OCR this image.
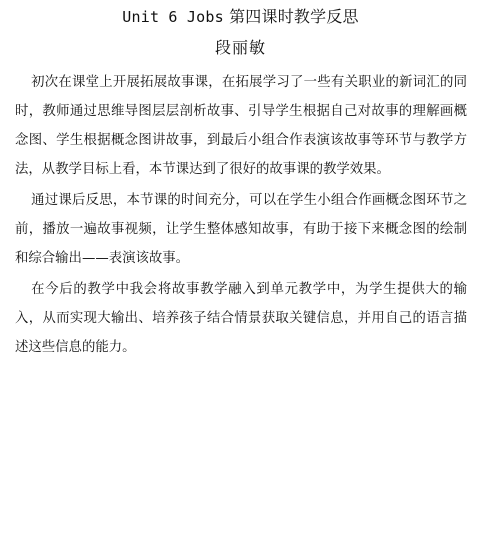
Unit 6 Jobs 第四课时教学反思
段丽敏

初次在课堂上开展拓展故事课，在拓展学习了一些有关职业的新词汇的同时，教师通过思维导图层层剖析故事、引导学生根据自己对故事的理解画概念图、学生根据概念图讲故事，到最后小组合作表演该故事等环节与教学方法，从教学目标上看，本节课达到了很好的故事课的教学效果。

通过课后反思，本节课的时间充分，可以在学生小组合作画概念图环节之前，播放一遍故事视频，让学生整体感知故事，有助于接下来概念图的绘制和综合输出——表演该故事。

在今后的教学中我会将故事教学融入到单元教学中，为学生提供大的输入，从而实现大输出、培养孩子结合情景获取关键信息，并用自己的语言描述这些信息的能力。
